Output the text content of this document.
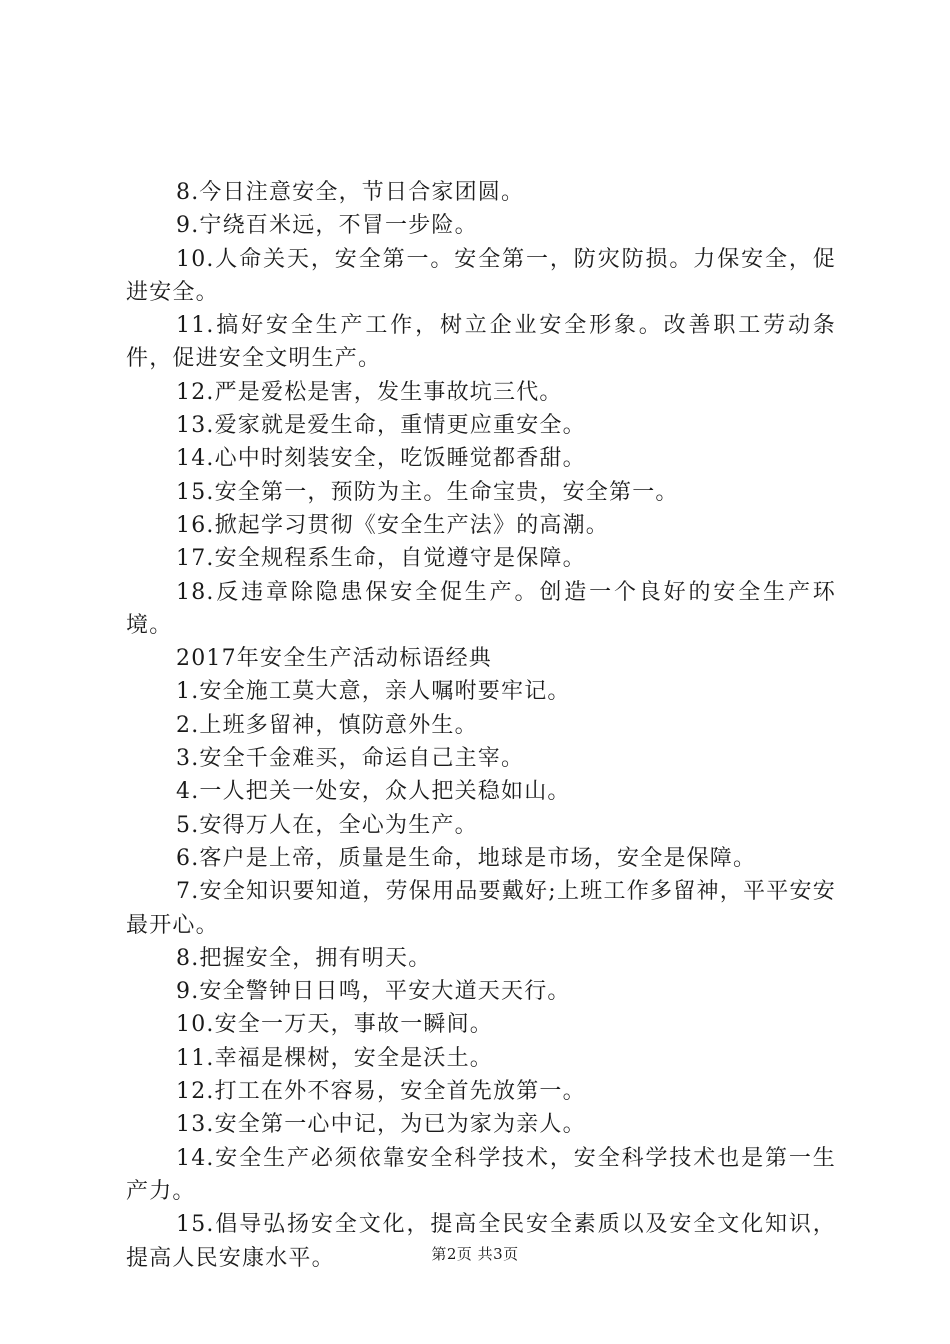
8.今日注意安全，节日合家团圆。

9.宁绕百米远，不冒一步险。

10.人命关天，安全第一。安全第一，防灾防损。力保安全，促进安全。

11.搞好安全生产工作，树立企业安全形象。改善职工劳动条件，促进安全文明生产。

12.严是爱松是害，发生事故坑三代。

13.爱家就是爱生命，重情更应重安全。

14.心中时刻装安全，吃饭睡觉都香甜。

15.安全第一，预防为主。生命宝贵，安全第一。

16.掀起学习贯彻《安全生产法》的高潮。

17.安全规程系生命，自觉遵守是保障。

18.反违章除隐患保安全促生产。创造一个良好的安全生产环境。

2017年安全生产活动标语经典

1.安全施工莫大意，亲人嘱咐要牢记。

2.上班多留神，慎防意外生。

3.安全千金难买，命运自己主宰。

4.一人把关一处安，众人把关稳如山。

5.安得万人在，全心为生产。

6.客户是上帝，质量是生命，地球是市场，安全是保障。

7.安全知识要知道，劳保用品要戴好;上班工作多留神，平平安安最开心。

8.把握安全，拥有明天。

9.安全警钟日日鸣，平安大道天天行。

10.安全一万天，事故一瞬间。

11.幸福是棵树，安全是沃土。

12.打工在外不容易，安全首先放第一。

13.安全第一心中记，为已为家为亲人。

14.安全生产必须依靠安全科学技术，安全科学技术也是第一生产力。

15.倡导弘扬安全文化，提高全民安全素质以及安全文化知识，提高人民安康水平。	第2页 共3页
